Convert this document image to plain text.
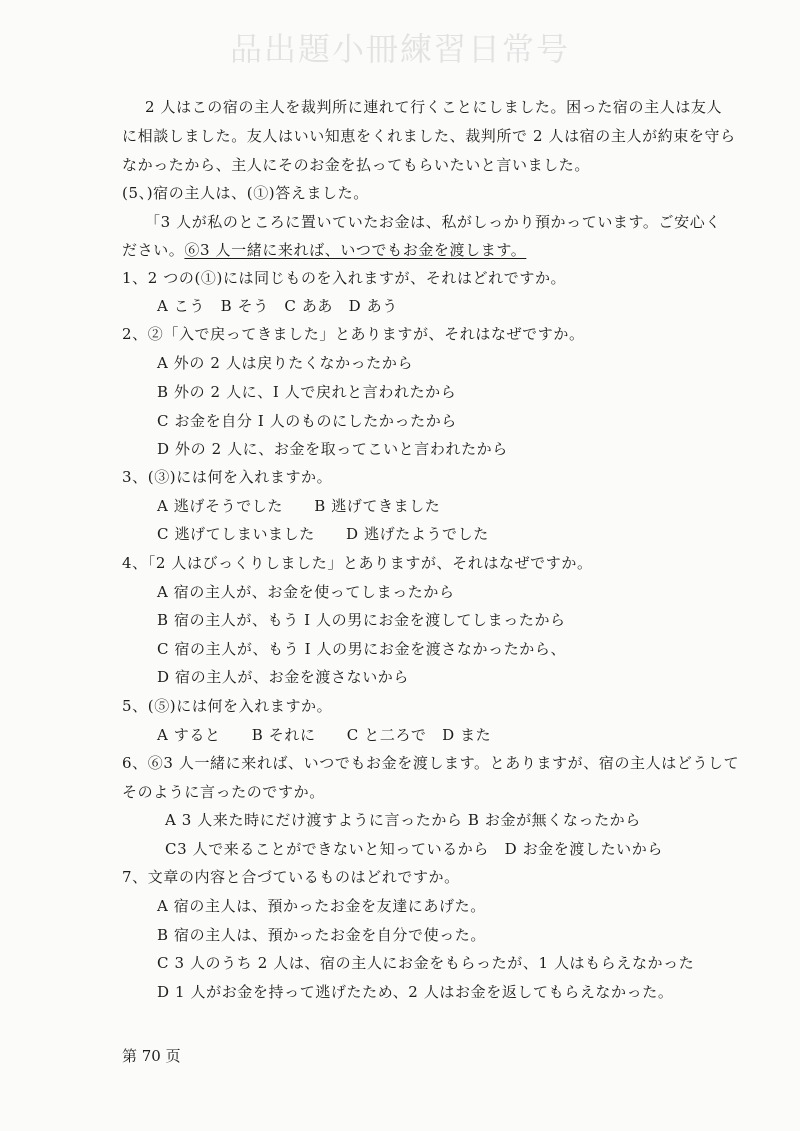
品出題小冊練習日常号
2 人はこの宿の主人を裁判所に連れて行くことにしました。困った宿の主人は友人
に相談しました。友人はいい知恵をくれました、裁判所で 2 人は宿の主人が約束を守ら
なかったから、主人にそのお金を払ってもらいたいと言いました。
(5、)宿の主人は、(①)答えました。
「3 人が私のところに置いていたお金は、私がしっかり預かっています。ご安心く
ださい。⑥3 人一緒に来れば、いつでもお金を渡します。
1、2 つの(①)には同じものを入れますが、それはどれですか。
A こう　B そう　C ああ　D あう
2、②「入で戻ってきました」とありますが、それはなぜですか。
A 外の 2 人は戻りたくなかったから
B 外の 2 人に、I 人で戻れと言われたから
C お金を自分 I 人のものにしたかったから
D 外の 2 人に、お金を取ってこいと言われたから
3、(③)には何を入れますか。
A 逃げそうでした　　B 逃げてきました
C 逃げてしまいました　　D 逃げたようでした
4、「2 人はびっくりしました」とありますが、それはなぜですか。
A 宿の主人が、お金を使ってしまったから
B 宿の主人が、もう I 人の男にお金を渡してしまったから
C 宿の主人が、もう I 人の男にお金を渡さなかったから、
D 宿の主人が、お金を渡さないから
5、(⑤)には何を入れますか。
A すると　　B それに　　C と二ろで　D また
6、⑥3 人一緒に来れば、いつでもお金を渡します。とありますが、宿の主人はどうして
そのように言ったのですか。
A 3 人来た時にだけ渡すように言ったから B お金が無くなったから
C3 人で来ることができないと知っているから　D お金を渡したいから
7、文章の内容と合づているものはどれですか。
A 宿の主人は、預かったお金を友達にあげた。
B 宿の主人は、預かったお金を自分で使った。
C 3 人のうち 2 人は、宿の主人にお金をもらったが、1 人はもらえなかった
D 1 人がお金を持って逃げたため、2 人はお金を返してもらえなかった。
第 70 页
